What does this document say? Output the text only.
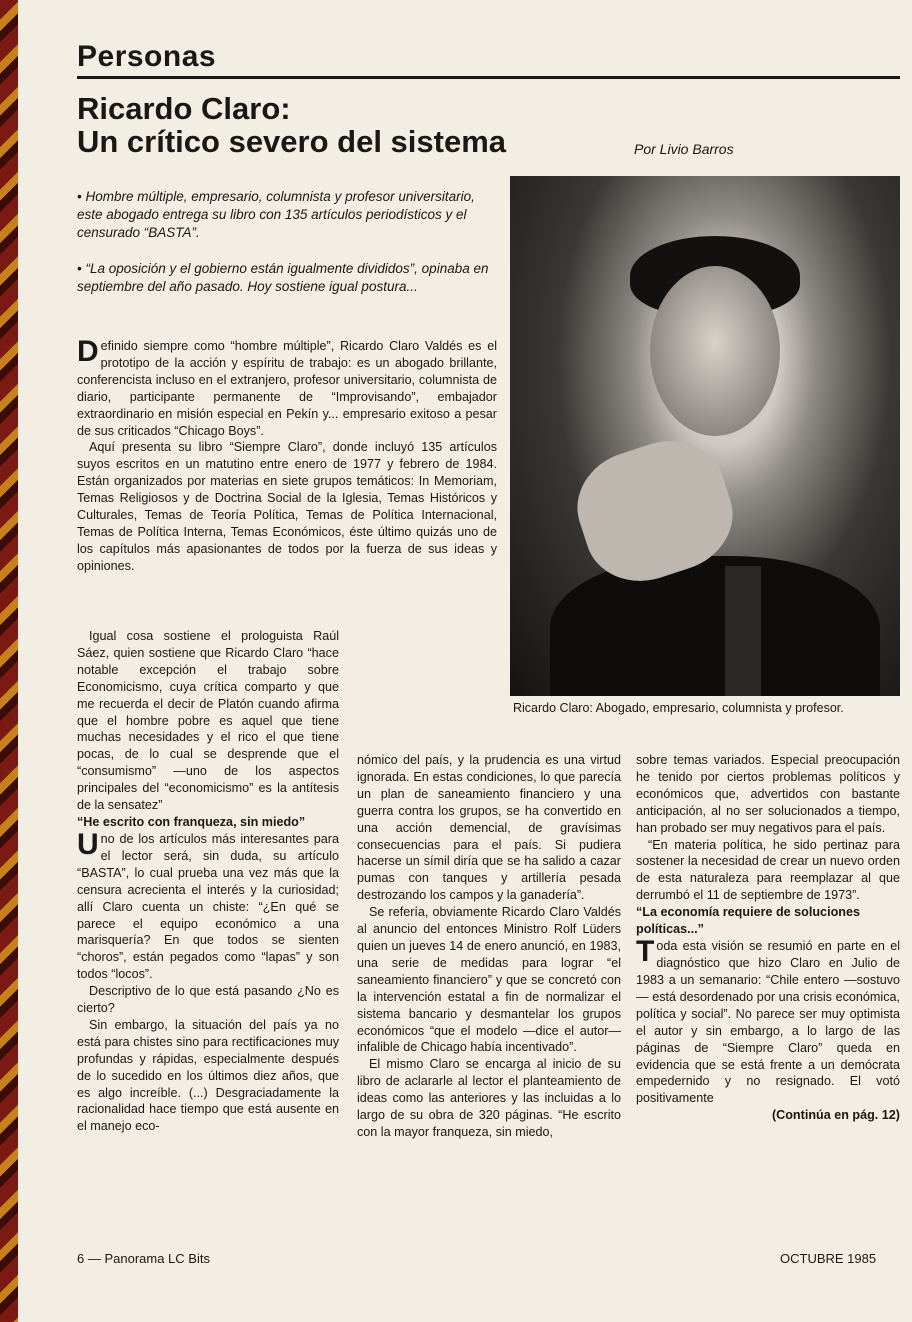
Personas
Ricardo Claro:
Un crítico severo del sistema	Por Livio Barros
• Hombre múltiple, empresario, columnista y profesor universitario, este abogado entrega su libro con 135 artículos periodísticos y el censurado “BASTA”.
• “La oposición y el gobierno están igualmente divididos”, opinaba en septiembre del año pasado. Hoy sostiene igual postura...
Ricardo Claro: Abogado, empresario, columnista y profesor.

Definido siempre como “hombre múltiple”, Ricardo Claro Valdés es el prototipo de la acción y espíritu de trabajo: es un abogado brillante, conferencista incluso en el extranjero, profesor universitario, columnista de diario, participante permanente de “Improvisando”, embajador extraordinario en misión especial en Pekín y... empresario exitoso a pesar de sus criticados “Chicago Boys”.

Aquí presenta su libro “Siempre Claro”, donde incluyó 135 artículos suyos escritos en un matutino entre enero de 1977 y febrero de 1984. Están organizados por materias en siete grupos temáticos: In Memoriam, Temas Religiosos y de Doctrina Social de la Iglesia, Temas Históricos y Culturales, Temas de Teoría Política, Temas de Política Internacional, Temas de Política Interna, Temas Económicos, éste último quizás uno de los capítulos más apasionantes de todos por la fuerza de sus ideas y opiniones.

Igual cosa sostiene el prologuista Raúl Sáez, quien sostiene que Ricardo Claro “hace notable excepción el trabajo sobre Economicismo, cuya crítica comparto y que me recuerda el decir de Platón cuando afirma que el hombre pobre es aquel que tiene muchas necesidades y el rico el que tiene pocas, de lo cual se desprende que el “consumismo” —uno de los aspectos principales del “economicismo” es la antítesis de la sensatez”

“He escrito con franqueza, sin miedo”

Uno de los artículos más interesantes para el lector será, sin duda, su artículo “BASTA”, lo cual prueba una vez más que la censura acrecienta el interés y la curiosidad; allí Claro cuenta un chiste: “¿En qué se parece el equipo económico a una marisquería? En que todos se sienten “choros”, están pegados como “lapas” y son todos “locos”.

Descriptivo de lo que está pasando ¿No es cierto?

Sin embargo, la situación del país ya no está para chistes sino para rectificaciones muy profundas y rápidas, especialmente después de lo sucedido en los últimos diez años, que es algo increíble. (...) Desgraciadamente la racionalidad hace tiempo que está ausente en el manejo eco-

nómico del país, y la prudencia es una virtud ignorada. En estas condiciones, lo que parecía un plan de saneamiento financiero y una guerra contra los grupos, se ha convertido en una acción demencial, de gravísimas consecuencias para el país. Si pudiera hacerse un símil diría que se ha salido a cazar pumas con tanques y artillería pesada destrozando los campos y la ganadería”.

Se refería, obviamente Ricardo Claro Valdés al anuncio del entonces Ministro Rolf Lüders quien un jueves 14 de enero anunció, en 1983, una serie de medidas para lograr “el saneamiento financiero” y que se concretó con la intervención estatal a fin de normalizar el sistema bancario y desmantelar los grupos económicos “que el modelo —dice el autor— infalible de Chicago había incentivado”.

El mismo Claro se encarga al inicio de su libro de aclararle al lector el planteamiento de ideas como las anteriores y las incluidas a lo largo de su obra de 320 páginas. “He escrito con la mayor franqueza, sin miedo,

sobre temas variados. Especial preocupación he tenido por ciertos problemas políticos y económicos que, advertidos con bastante anticipación, al no ser solucionados a tiempo, han probado ser muy negativos para el país.

“En materia política, he sido pertinaz para sostener la necesidad de crear un nuevo orden de esta naturaleza para reemplazar al que derrumbó el 11 de septiembre de 1973”.

“La economía requiere de soluciones políticas...”

Toda esta visión se resumió en parte en el diagnóstico que hizo Claro en Julio de 1983 a un semanario: “Chile entero —sostuvo— está desordenado por una crisis económica, política y social”. No parece ser muy optimista el autor y sin embargo, a lo largo de las páginas de “Siempre Claro” queda en evidencia que se está frente a un demócrata empedernido y no resignado. El votó positivamente

(Continúa en pág. 12)

6 — Panorama LC Bits	OCTUBRE 1985
